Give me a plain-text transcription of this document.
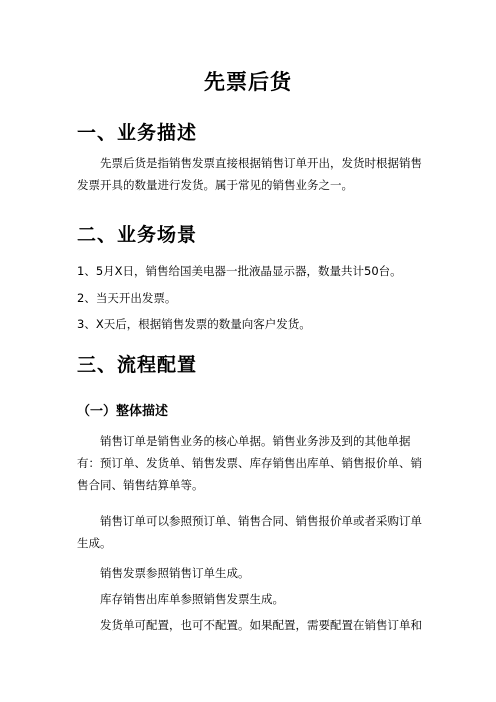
先票后货
一、业务描述
先票后货是指销售发票直接根据销售订单开出，发货时根据销售发票开具的数量进行发货。属于常见的销售业务之一。
二、业务场景
1、5月X日，销售给国美电器一批液晶显示器，数量共计50台。
2、当天开出发票。
3、X天后，根据销售发票的数量向客户发货。
三、流程配置
（一）整体描述
销售订单是销售业务的核心单据。销售业务涉及到的其他单据有：预订单、发货单、销售发票、库存销售出库单、销售报价单、销售合同、销售结算单等。
销售订单可以参照预订单、销售合同、销售报价单或者采购订单生成。
销售发票参照销售订单生成。
库存销售出库单参照销售发票生成。
发货单可配置，也可不配置。如果配置，需要配置在销售订单和
